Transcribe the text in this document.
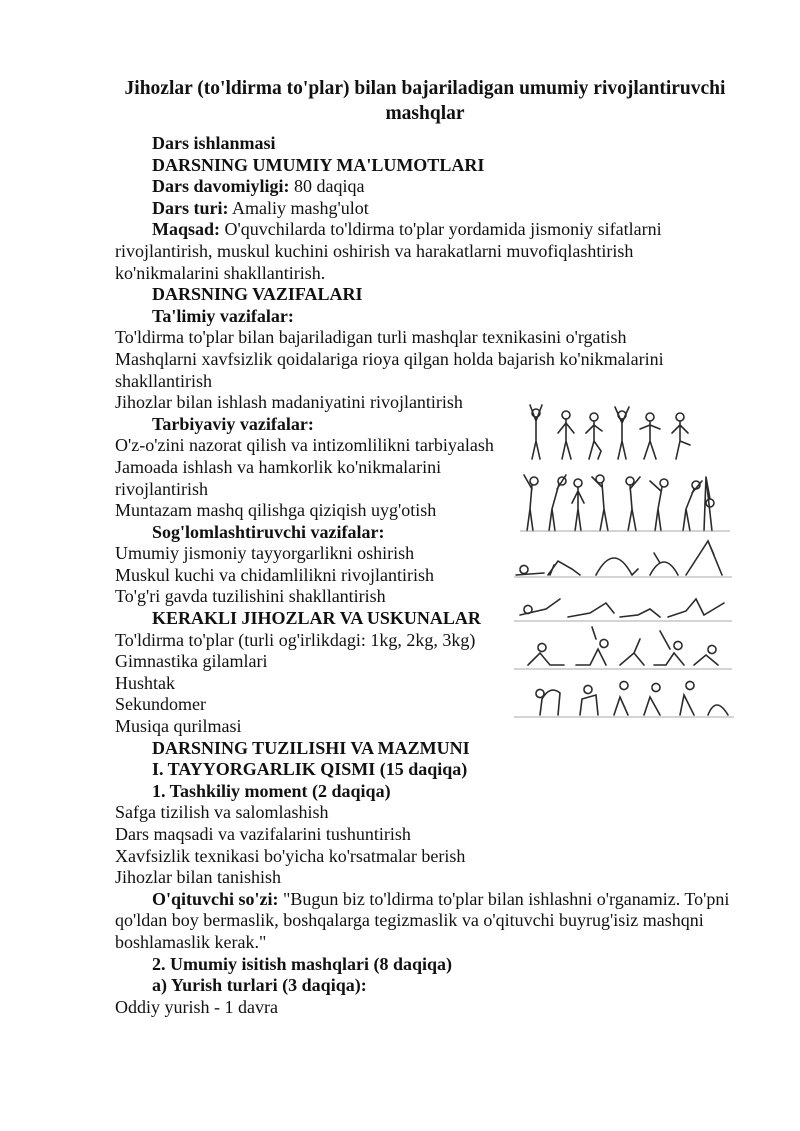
Jihozlar (to'ldirma to'plar) bilan bajariladigan umumiy rivojlantiruvchi mashqlar

Dars ishlanmasi

DARSNING UMUMIY MA'LUMOTLARI

Dars davomiyligi: 80 daqiqa

Dars turi: Amaliy mashg'ulot

Maqsad: O'quvchilarda to'ldirma to'plar yordamida jismoniy sifatlarni rivojlantirish, muskul kuchini oshirish va harakatlarni muvofiqlashtirish ko'nikmalarini shakllantirish.

DARSNING VAZIFALARI

Ta'limiy vazifalar:

To'ldirma to'plar bilan bajariladigan turli mashqlar texnikasini o'rgatish

Mashqlarni xavfsizlik qoidalariga rioya qilgan holda bajarish ko'nikmalarini shakllantirish

Jihozlar bilan ishlash madaniyatini rivojlantirish

Tarbiyaviy vazifalar:

O'z-o'zini nazorat qilish va intizomlilikni tarbiyalash

Jamoada ishlash va hamkorlik ko'nikmalarini rivojlantirish

Muntazam mashq qilishga qiziqish uyg'otish

Sog'lomlashtiruvchi vazifalar:

Umumiy jismoniy tayyorgarlikni oshirish

Muskul kuchi va chidamlilikni rivojlantirish

To'g'ri gavda tuzilishini shakllantirish

KERAKLI JIHOZLAR VA USKUNALAR

To'ldirma to'plar (turli og'irlikdagi: 1kg, 2kg, 3kg)

Gimnastika gilamlari

Hushtak

Sekundomer

Musiqa qurilmasi

DARSNING TUZILISHI VA MAZMUNI

I. TAYYORGARLIK QISMI (15 daqiqa)

1. Tashkiliy moment (2 daqiqa)

Safga tizilish va salomlashish

Dars maqsadi va vazifalarini tushuntirish

Xavfsizlik texnikasi bo'yicha ko'rsatmalar berish

Jihozlar bilan tanishish

O'qituvchi so'zi: "Bugun biz to'ldirma to'plar bilan ishlashni o'rganamiz. To'pni qo'ldan boy bermaslik, boshqalarga tegizmaslik va o'qituvchi buyrug'isiz mashqni boshlamaslik kerak."

2. Umumiy isitish mashqlari (8 daqiqa)

a) Yurish turlari (3 daqiqa):

Oddiy yurish - 1 davra
